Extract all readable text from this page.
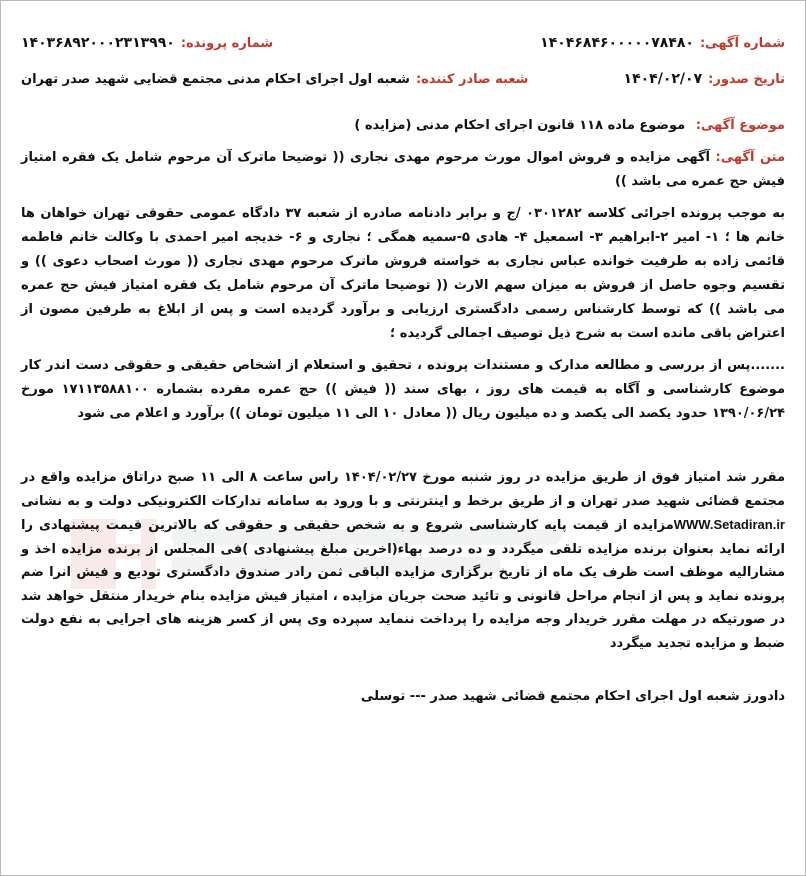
شماره آگهی:
۱۴۰۴۶۸۴۶۰۰۰۰۰۷۸۴۸۰
شماره پرونده:
۱۴۰۳۶۸۹۲۰۰۰۲۳۱۳۹۹۰
تاریخ صدور:
۱۴۰۴/۰۲/۰۷
شعبه صادر کننده:
شعبه اول اجرای احکام مدنی مجتمع قضایی شهید صدر تهران
موضوع آگهی: موضوع ماده ۱۱۸ قانون اجرای احکام مدنی (مزایده )
متن آگهی: آگهی مزایده و فروش اموال مورث مرحوم مهدی نجاری (( توضیحا ماترک آن مرحوم شامل یک فقره امتیاز فیش حج عمره می باشد ))
به موجب پرونده اجرائی کلاسه ۰۳۰۱۲۸۲ /ج و برابر دادنامه صادره از شعبه ۳۷ دادگاه عمومی حقوقی تهران خواهان ها خانم ها ؛ ۱- امیر ۲-ابراهیم ۳- اسمعیل ۴- هادی ۵-سمیه همگی ؛ نجاری و ۶- خدیجه امیر احمدی با وکالت خانم فاطمه قائمی زاده به طرفیت خوانده عباس نجاری به خواسته فروش ماترک مرحوم مهدی نجاری (( مورث اصحاب دعوی )) و تقسیم وجوه حاصل از فروش به میزان سهم الارث (( توضیحا ماترک آن مرحوم شامل یک فقره امتیاز فیش حج عمره می باشد )) که توسط کارشناس رسمی دادگستری ارزیابی و برآورد گردیده است و پس از ابلاغ به طرفین مصون از اعتراض باقی مانده است به شرح ذیل توصیف اجمالی گردیده ؛
.......پس از بررسی و مطالعه مدارک و مستندات پرونده ، تحقیق و استعلام از اشخاص حقیقی و حقوقی دست اندر کار موضوع کارشناسی و آگاه به قیمت های روز ، بهای سند (( فیش )) حج عمره مفرده بشماره ۱۷۱۱۳۵۸۸۱۰۰ مورخ ۱۳۹۰/۰۶/۲۴ حدود یکصد الی یکصد و ده میلیون ریال (( معادل ۱۰ الی ۱۱ میلیون تومان )) برآورد و اعلام می شود
مقرر شد امتیاز فوق از طریق مزایده در روز شنبه مورخ ۱۴۰۴/۰۲/۲۷ راس ساعت ۸ الی ۱۱ صبح دراتاق مزایده واقع در مجتمع قضائی شهید صدر تهران و از طریق برخط و اینترنتی و با ورود به سامانه تدارکات الکترونیکی دولت و به نشانی WWW.Setadiran.irمزایده از قیمت پایه کارشناسی شروع و به شخص حقیقی و حقوقی که بالاترین قیمت پیشنهادی را ارائه نماید بعنوان برنده مزایده تلقی میگردد و ده درصد بهاء(اخرین مبلغ پیشنهادی )فی المجلس از برنده مزایده اخذ و مشارالیه موظف است ظرف یک ماه از تاریخ برگزاری مزایده الباقی ثمن رادر صندوق دادگستری تودیع و فیش انرا ضم پرونده نماید و پس از انجام مراحل قانونی و تائید صحت جریان مزایده ، امتیاز فیش مزایده بنام خریدار منتقل خواهد شد در صورتیکه در مهلت مقرر خریدار وجه مزایده را پرداخت ننماید سپرده وی پس از کسر هزینه های اجرایی به نفع دولت ضبط و مزایده تجدید میگردد
دادورز شعبه اول اجرای احکام مجتمع قضائی شهید صدر --- توسلی
